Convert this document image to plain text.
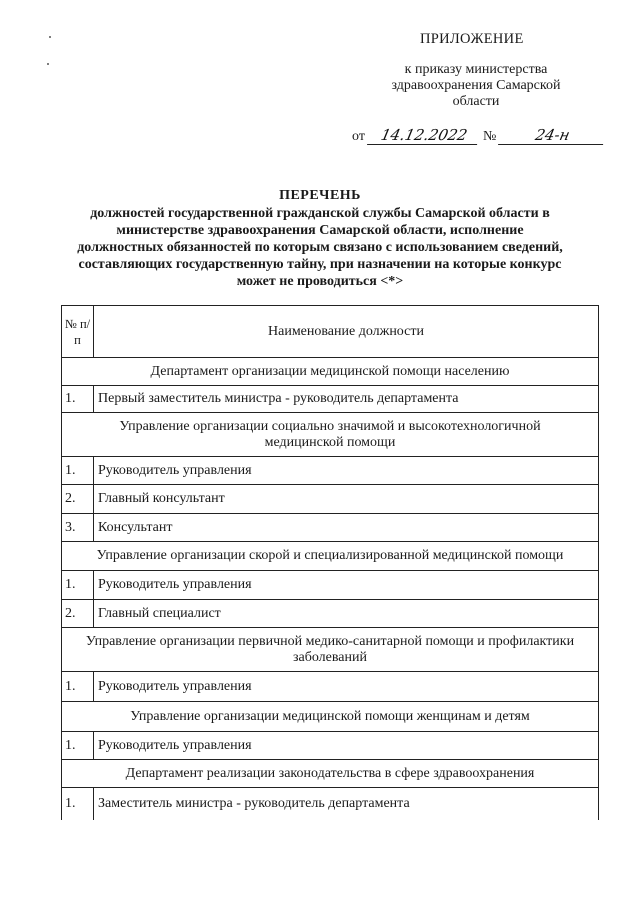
ПРИЛОЖЕНИЕ
к приказу министерства
здравоохранения Самарской
области
от 14.12.2022	№	24-н
ПЕРЕЧЕНЬ
должностей государственной гражданской службы Самарской области в
министерстве здравоохранения Самарской области, исполнение
должностных обязанностей по которым связано с использованием сведений,
составляющих государственную тайну, при назначении на которые конкурс
может не проводиться <*>
№ п/п	Наименование должности
Департамент организации медицинской помощи населению	
1.	Первый заместитель министра - руководитель департамента
Управление организации социально значимой и высокотехнологичной медицинской помощи	
1.	Руководитель управления
2.	Главный консультант
3.	Консультант
Управление организации скорой и специализированной медицинской помощи	
1.	Руководитель управления
2.	Главный специалист
Управление организации первичной медико-санитарной помощи и профилактики заболеваний	
1.	Руководитель управления
Управление организации медицинской помощи женщинам и детям	
1.	Руководитель управления
Департамент реализации законодательства в сфере здравоохранения	
1.	Заместитель министра - руководитель департамента
